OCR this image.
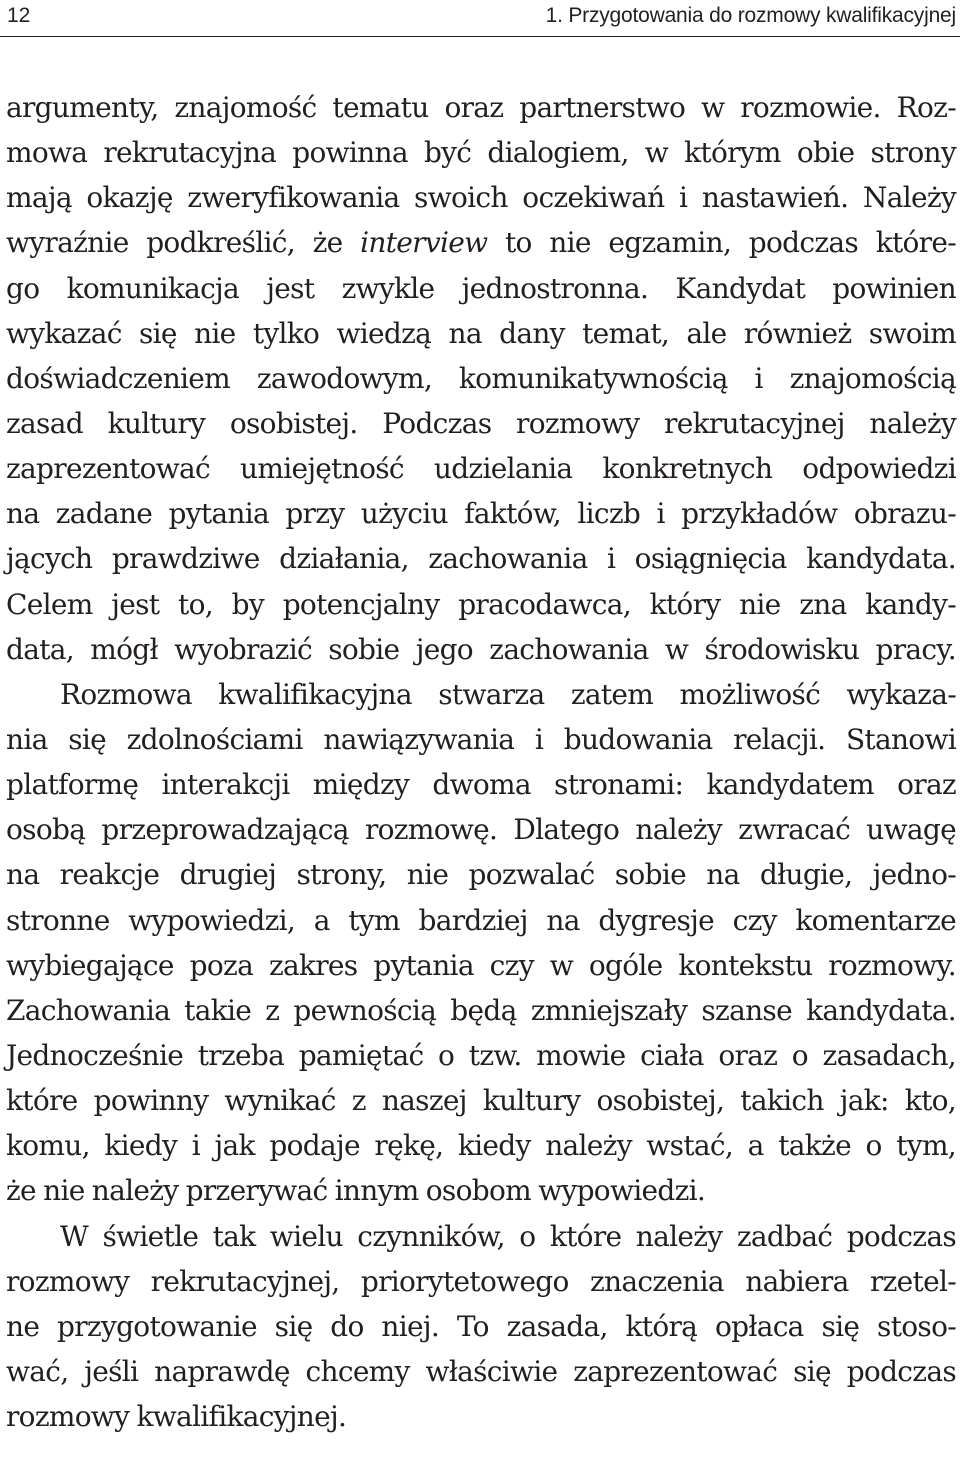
12	1. Przygotowania do rozmowy kwalifikacyjnej
argumenty, znajomość tematu oraz partnerstwo w rozmowie. Roz-
mowa rekrutacyjna powinna być dialogiem, w którym obie strony
mają okazję zweryfikowania swoich oczekiwań i nastawień. Należy
wyraźnie podkreślić, że interview to nie egzamin, podczas które-
go komunikacja jest zwykle jednostronna. Kandydat powinien
wykazać się nie tylko wiedzą na dany temat, ale również swoim
doświadczeniem zawodowym, komunikatywnością i znajomością
zasad kultury osobistej. Podczas rozmowy rekrutacyjnej należy
zaprezentować umiejętność udzielania konkretnych odpowiedzi
na zadane pytania przy użyciu faktów, liczb i przykładów obrazu-
jących prawdziwe działania, zachowania i osiągnięcia kandydata.
Celem jest to, by potencjalny pracodawca, który nie zna kandy-
data, mógł wyobrazić sobie jego zachowania w środowisku pracy.
Rozmowa kwalifikacyjna stwarza zatem możliwość wykaza-
nia się zdolnościami nawiązywania i budowania relacji. Stanowi
platformę interakcji między dwoma stronami: kandydatem oraz
osobą przeprowadzającą rozmowę. Dlatego należy zwracać uwagę
na reakcje drugiej strony, nie pozwalać sobie na długie, jedno-
stronne wypowiedzi, a tym bardziej na dygresje czy komentarze
wybiegające poza zakres pytania czy w ogóle kontekstu rozmowy.
Zachowania takie z pewnością będą zmniejszały szanse kandydata.
Jednocześnie trzeba pamiętać o tzw. mowie ciała oraz o zasadach,
które powinny wynikać z naszej kultury osobistej, takich jak: kto,
komu, kiedy i jak podaje rękę, kiedy należy wstać, a także o tym,
że nie należy przerywać innym osobom wypowiedzi.
W świetle tak wielu czynników, o które należy zadbać podczas
rozmowy rekrutacyjnej, priorytetowego znaczenia nabiera rzetel-
ne przygotowanie się do niej. To zasada, którą opłaca się stoso-
wać, jeśli naprawdę chcemy właściwie zaprezentować się podczas
rozmowy kwalifikacyjnej.
